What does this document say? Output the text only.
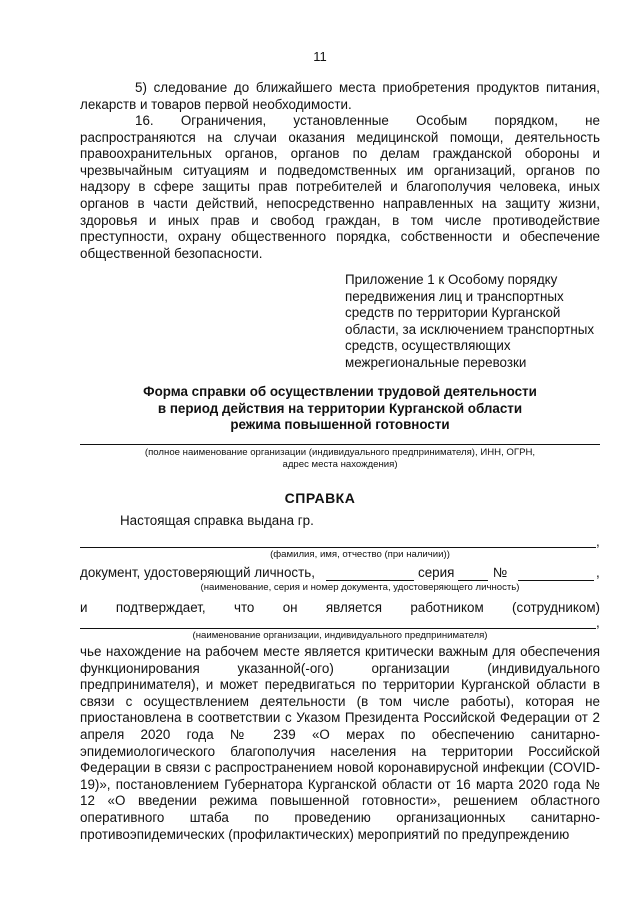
11

5) следование до ближайшего места приобретения продуктов питания, лекарств и товаров первой необходимости.

16. Ограничения, установленные Особым порядком, не распространяются на случаи оказания медицинской помощи, деятельность правоохранительных органов, органов по делам гражданской обороны и чрезвычайным ситуациям и подведомственных им организаций, органов по надзору в сфере защиты прав потребителей и благополучия человека, иных органов в части действий, непосредственно направленных на защиту жизни, здоровья и иных прав и свобод граждан, в том числе противодействие преступности, охрану общественного порядка, собственности и обеспечение общественной безопасности.

Приложение 1 к Особому порядку
передвижения лиц и транспортных
средств по территории Курганской
области, за исключением транспортных
средств, осуществляющих
межрегиональные перевозки
Форма справки об осуществлении трудовой деятельности
в период действия на территории Курганской области
режима повышенной готовности
(полное наименование организации (индивидуального предпринимателя), ИНН, ОГРН,
адрес места нахождения)
СПРАВКА
Настоящая справка выдана гр.
,
(фамилия, имя, отчество (при наличии))
документ, удостоверяющий личность,	серия	№	,
(наименование, серия и номер документа, удостоверяющего личность)
и подтверждает, что он является работником (сотрудником)
,
(наименование организации, индивидуального предпринимателя)

чье нахождение на рабочем месте является критически важным для обеспечения функционирования указанной(-ого) организации (индивидуального предпринимателя), и может передвигаться по территории Курганской области в связи с осуществлением деятельности (в том числе работы), которая не приостановлена в соответствии с Указом Президента Российской Федерации от 2 апреля 2020 года № 239 «О мерах по обеспечению санитарно-эпидемиологического благополучия населения на территории Российской Федерации в связи с распространением новой коронавирусной инфекции (COVID-19)», постановлением Губернатора Курганской области от 16 марта 2020 года № 12 «О введении режима повышенной готовности», решением областного оперативного штаба по проведению организационных санитарно-противоэпидемических (профилактических) мероприятий по предупреждению
